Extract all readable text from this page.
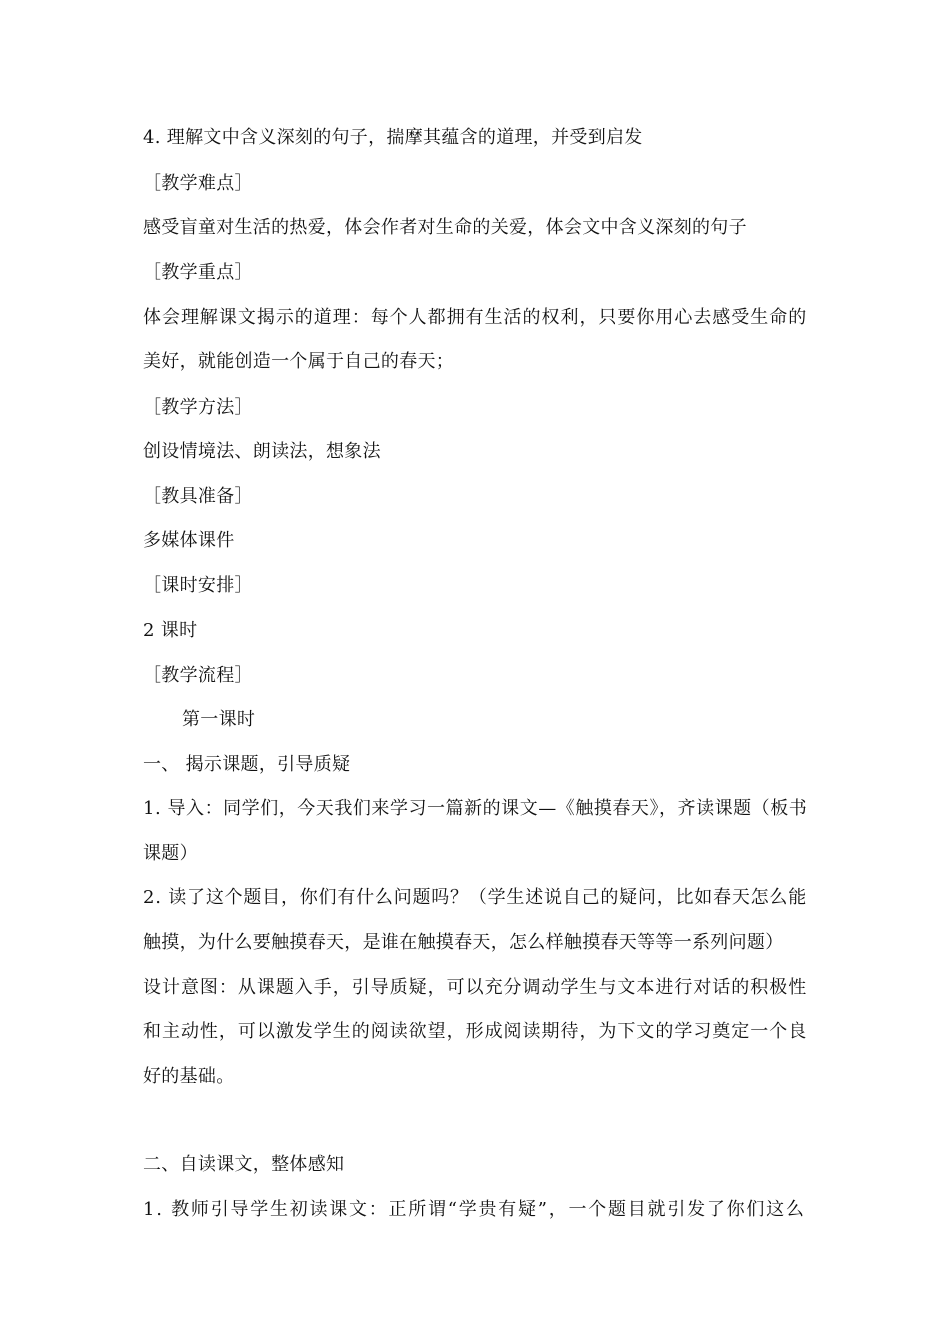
4. 理解文中含义深刻的句子，揣摩其蕴含的道理，并受到启发
［教学难点］
感受盲童对生活的热爱，体会作者对生命的关爱，体会文中含义深刻的句子
［教学重点］
体会理解课文揭示的道理：每个人都拥有生活的权利，只要你用心去感受生命的
美好，就能创造一个属于自己的春天；
［教学方法］
创设情境法、朗读法，想象法
［教具准备］
多媒体课件
［课时安排］
2 课时
［教学流程］
第一课时
一、 揭示课题，引导质疑
1. 导入：同学们，今天我们来学习一篇新的课文—《触摸春天》，齐读课题（板书
课题）
2. 读了这个题目，你们有什么问题吗？（学生述说自己的疑问，比如春天怎么能
触摸，为什么要触摸春天，是谁在触摸春天，怎么样触摸春天等等一系列问题）
设计意图：从课题入手，引导质疑，可以充分调动学生与文本进行对话的积极性
和主动性，可以激发学生的阅读欲望，形成阅读期待，为下文的学习奠定一个良
好的基础。
二、自读课文，整体感知
1. 教师引导学生初读课文：正所谓“学贵有疑”，一个题目就引发了你们这么
